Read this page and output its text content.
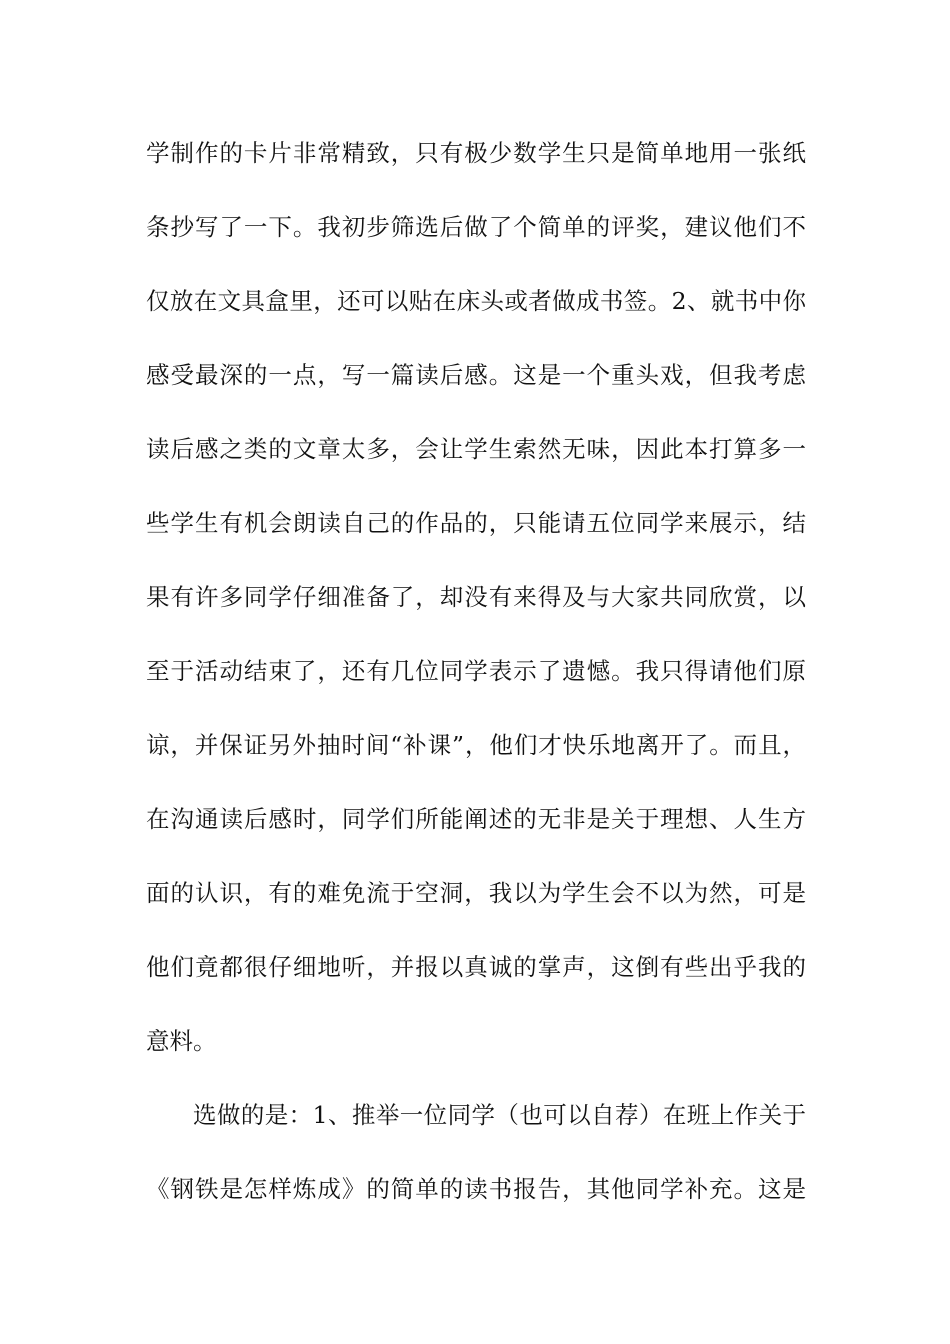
学制作的卡片非常精致，只有极少数学生只是简单地用一张纸
条抄写了一下。我初步筛选后做了个简单的评奖，建议他们不
仅放在文具盒里，还可以贴在床头或者做成书签。2、就书中你
感受最深的一点，写一篇读后感。这是一个重头戏，但我考虑
读后感之类的文章太多，会让学生索然无味，因此本打算多一
些学生有机会朗读自己的作品的，只能请五位同学来展示，结
果有许多同学仔细准备了，却没有来得及与大家共同欣赏，以
至于活动结束了，还有几位同学表示了遗憾。我只得请他们原
谅，并保证另外抽时间“补课”，他们才快乐地离开了。而且，
在沟通读后感时，同学们所能阐述的无非是关于理想、人生方
面的认识，有的难免流于空洞，我以为学生会不以为然，可是
他们竟都很仔细地听，并报以真诚的掌声，这倒有些出乎我的
意料。
选做的是：1、推举一位同学（也可以自荐）在班上作关于
《钢铁是怎样炼成》的简单的读书报告，其他同学补充。这是
